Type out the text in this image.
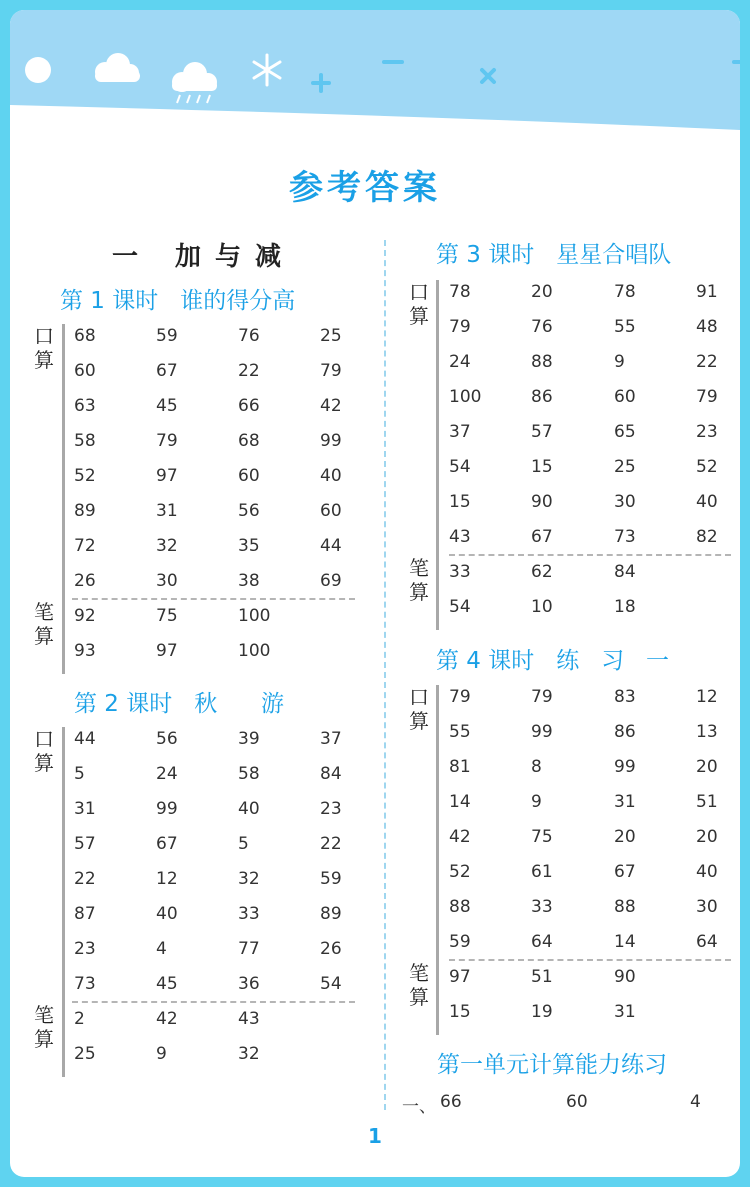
参考答案
一 加与减
第 1 课时   谁的得分高
口算
笔算
68	59	76	25
60	67	22	79
63	45	66	42
58	79	68	99
52	97	60	40
89	31	56	60
72	32	35	44
26	30	38	69
92	75	100
93	97	100
第 2 课时   秋      游
口算
笔算
44	56	39	37
5	24	58	84
31	99	40	23
57	67	5	22
22	12	32	59
87	40	33	89
23	4	77	26
73	45	36	54
2	42	43
25	9	32
第 3 课时   星星合唱队
口算
笔算
78	20	78	91
79	76	55	48
24	88	9	22
100	86	60	79
37	57	65	23
54	15	25	52
15	90	30	40
43	67	73	82
33	62	84
54	10	18
第 4 课时   练   习   一
口算
笔算
79	79	83	12
55	99	86	13
81	8	99	20
14	9	31	51
42	75	20	20
52	61	67	40
88	33	88	30
59	64	14	64
97	51	90
15	19	31
第一单元计算能力练习
一、 66	60	4
1
